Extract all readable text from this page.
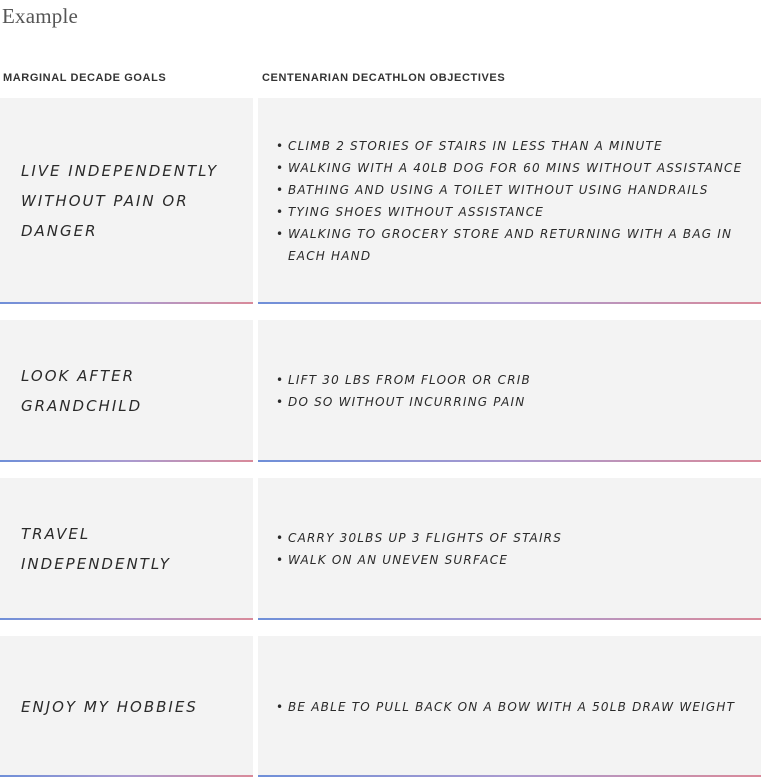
Example
MARGINAL DECADE GOALS	CENTENARIAN DECATHLON OBJECTIVES
LIVE INDEPENDENTLY WITHOUT PAIN OR DANGER
• CLIMB 2 STORIES OF STAIRS IN LESS THAN A MINUTE
• WALKING WITH A 40LB DOG FOR 60 MINS WITHOUT ASSISTANCE
• BATHING AND USING A TOILET WITHOUT USING HANDRAILS
• TYING SHOES WITHOUT ASSISTANCE
• WALKING TO GROCERY STORE AND RETURNING WITH A BAG IN EACH HAND
LOOK AFTER GRANDCHILD
• LIFT 30 LBS FROM FLOOR OR CRIB
• DO SO WITHOUT INCURRING PAIN
TRAVEL INDEPENDENTLY
• CARRY 30LBS UP 3 FLIGHTS OF STAIRS
• WALK ON AN UNEVEN SURFACE
ENJOY MY HOBBIES	• BE ABLE TO PULL BACK ON A BOW WITH A 50LB DRAW WEIGHT
